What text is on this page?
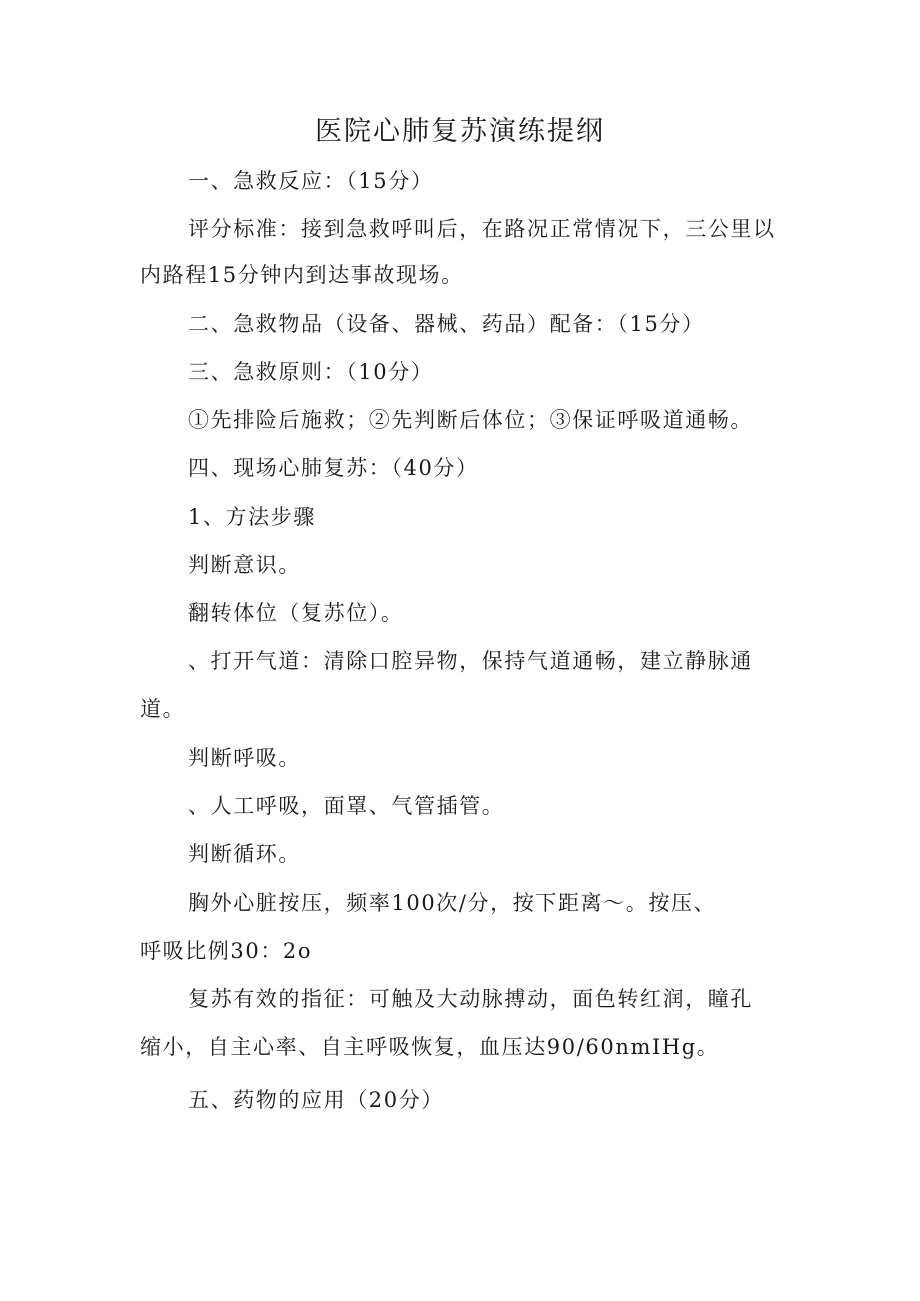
医院心肺复苏演练提纲
一、急救反应：（15分）
评分标准：接到急救呼叫后，在路况正常情况下，三公里以
内路程15分钟内到达事故现场。
二、急救物品（设备、器械、药品）配备：（15分）
三、急救原则：（10分）
①先排险后施救；②先判断后体位；③保证呼吸道通畅。
四、现场心肺复苏：（40分）
1、方法步骤
判断意识。
翻转体位（复苏位）。
、打开气道：清除口腔异物，保持气道通畅，建立静脉通
道。
判断呼吸。
、人工呼吸，面罩、气管插管。
判断循环。
胸外心脏按压，频率100次/分，按下距离～。按压、
呼吸比例30：2o
复苏有效的指征：可触及大动脉搏动，面色转红润，瞳孔
缩小，自主心率、自主呼吸恢复，血压达90/60nmIHg。
五、药物的应用（20分）
